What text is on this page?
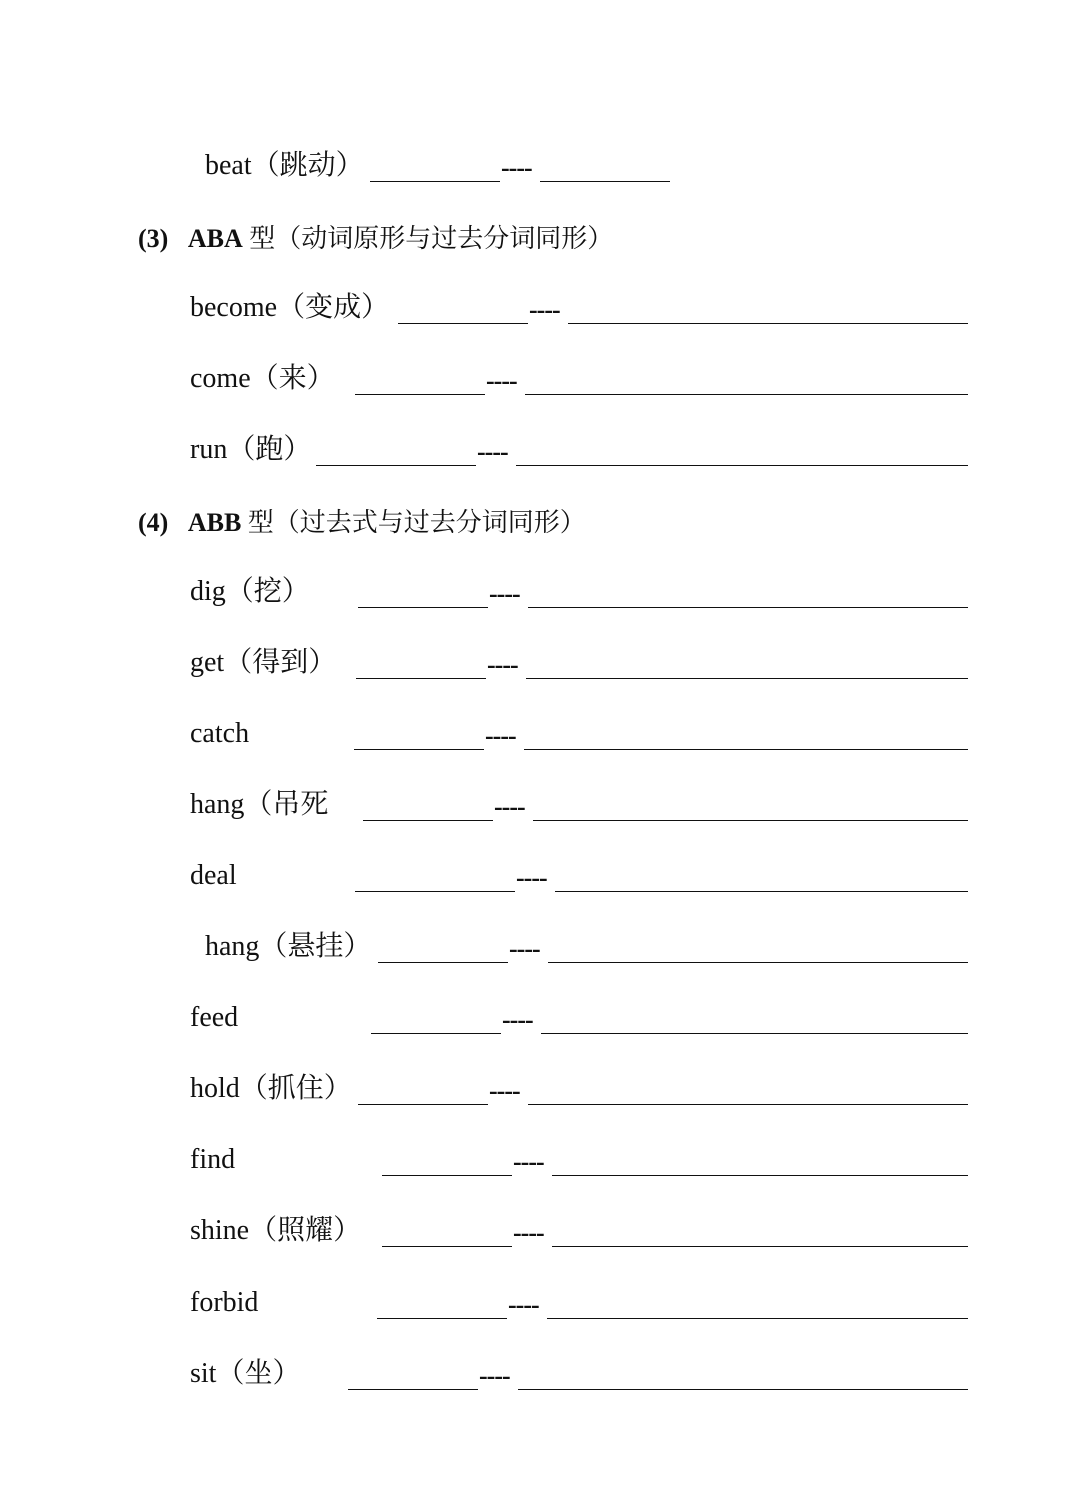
beat（跳动）	----
(3) ABA 型（动词原形与过去分词同形）
become（变成）	----
come（来）	----
run（跑）	----
(4) ABB 型（过去式与过去分词同形）
dig（挖）	----
get（得到）	----
catch	----
hang（吊死	----
deal	----
hang（悬挂）	----
feed	----
hold（抓住）	----
find	----
shine（照耀）	----
forbid	----
sit（坐）	----
